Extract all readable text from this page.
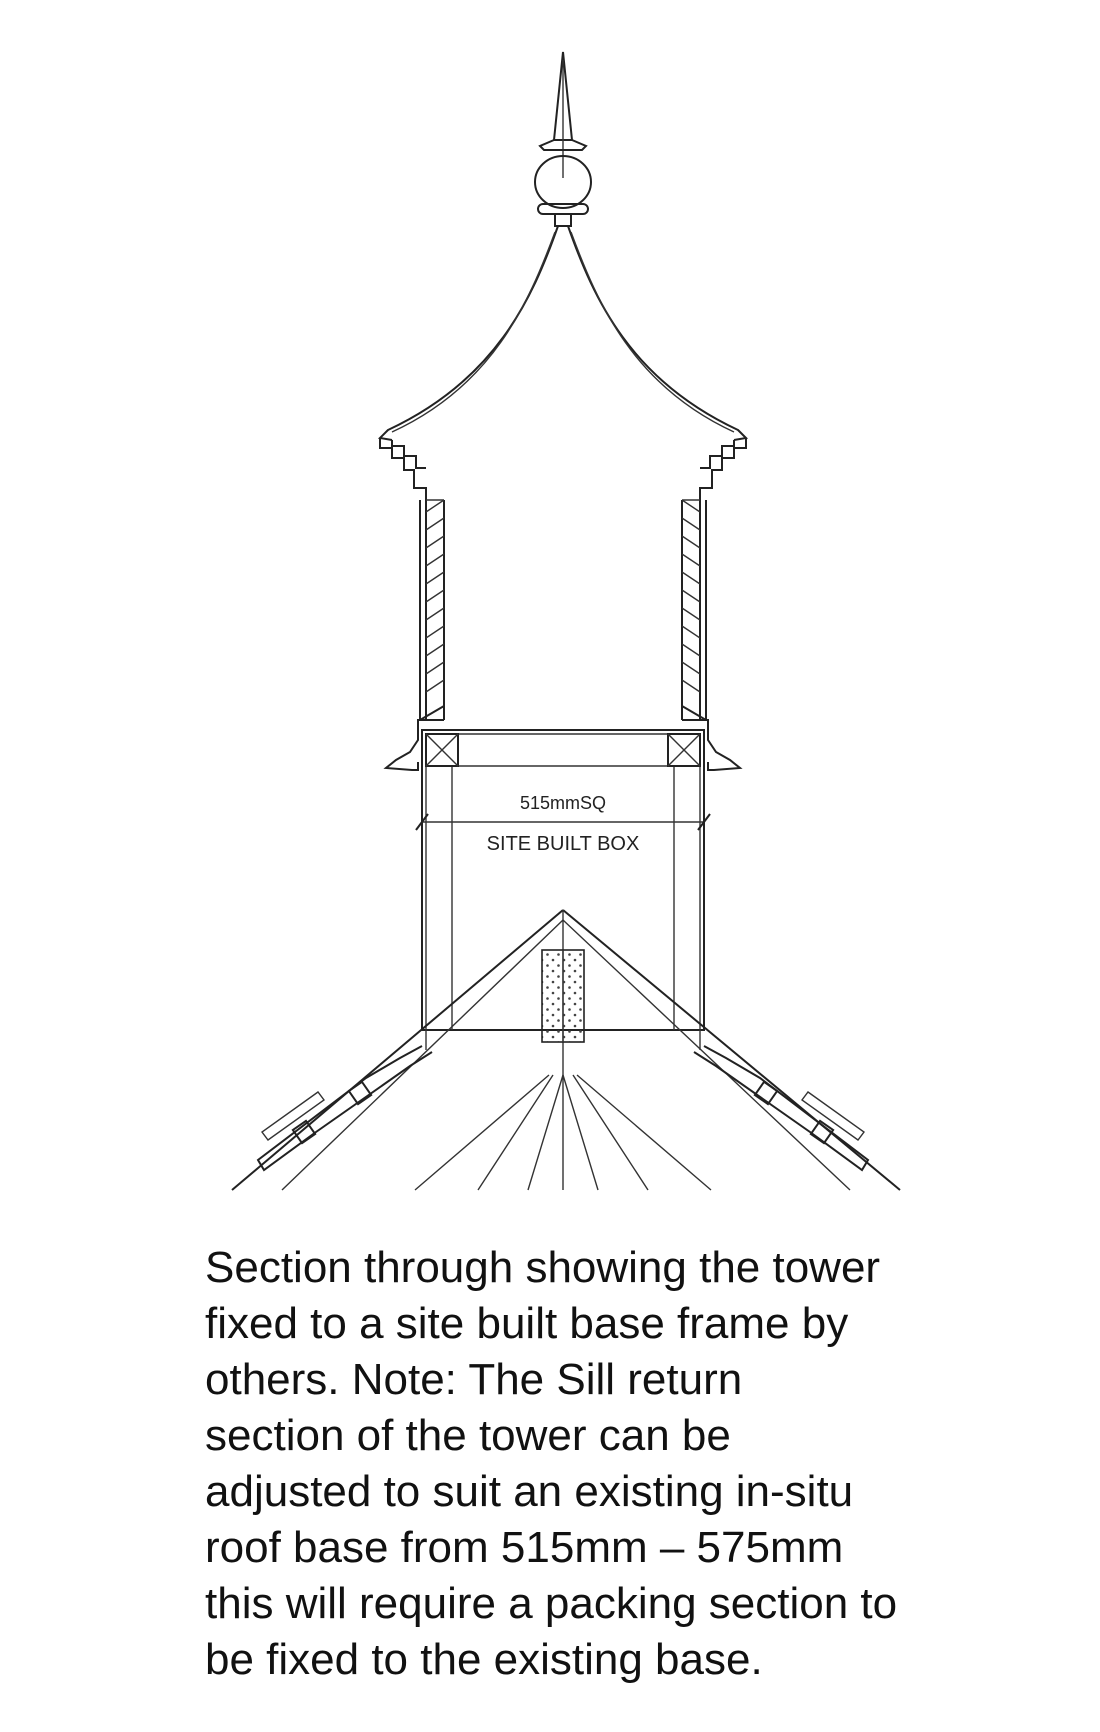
515mmSQ
SITE BUILT BOX

Section through showing the tower
fixed to a site built base frame by
others. Note: The Sill return
section of the tower can be
adjusted to suit an existing in-situ
roof base from 515mm – 575mm
this will require a packing section to
be fixed to the existing base.
